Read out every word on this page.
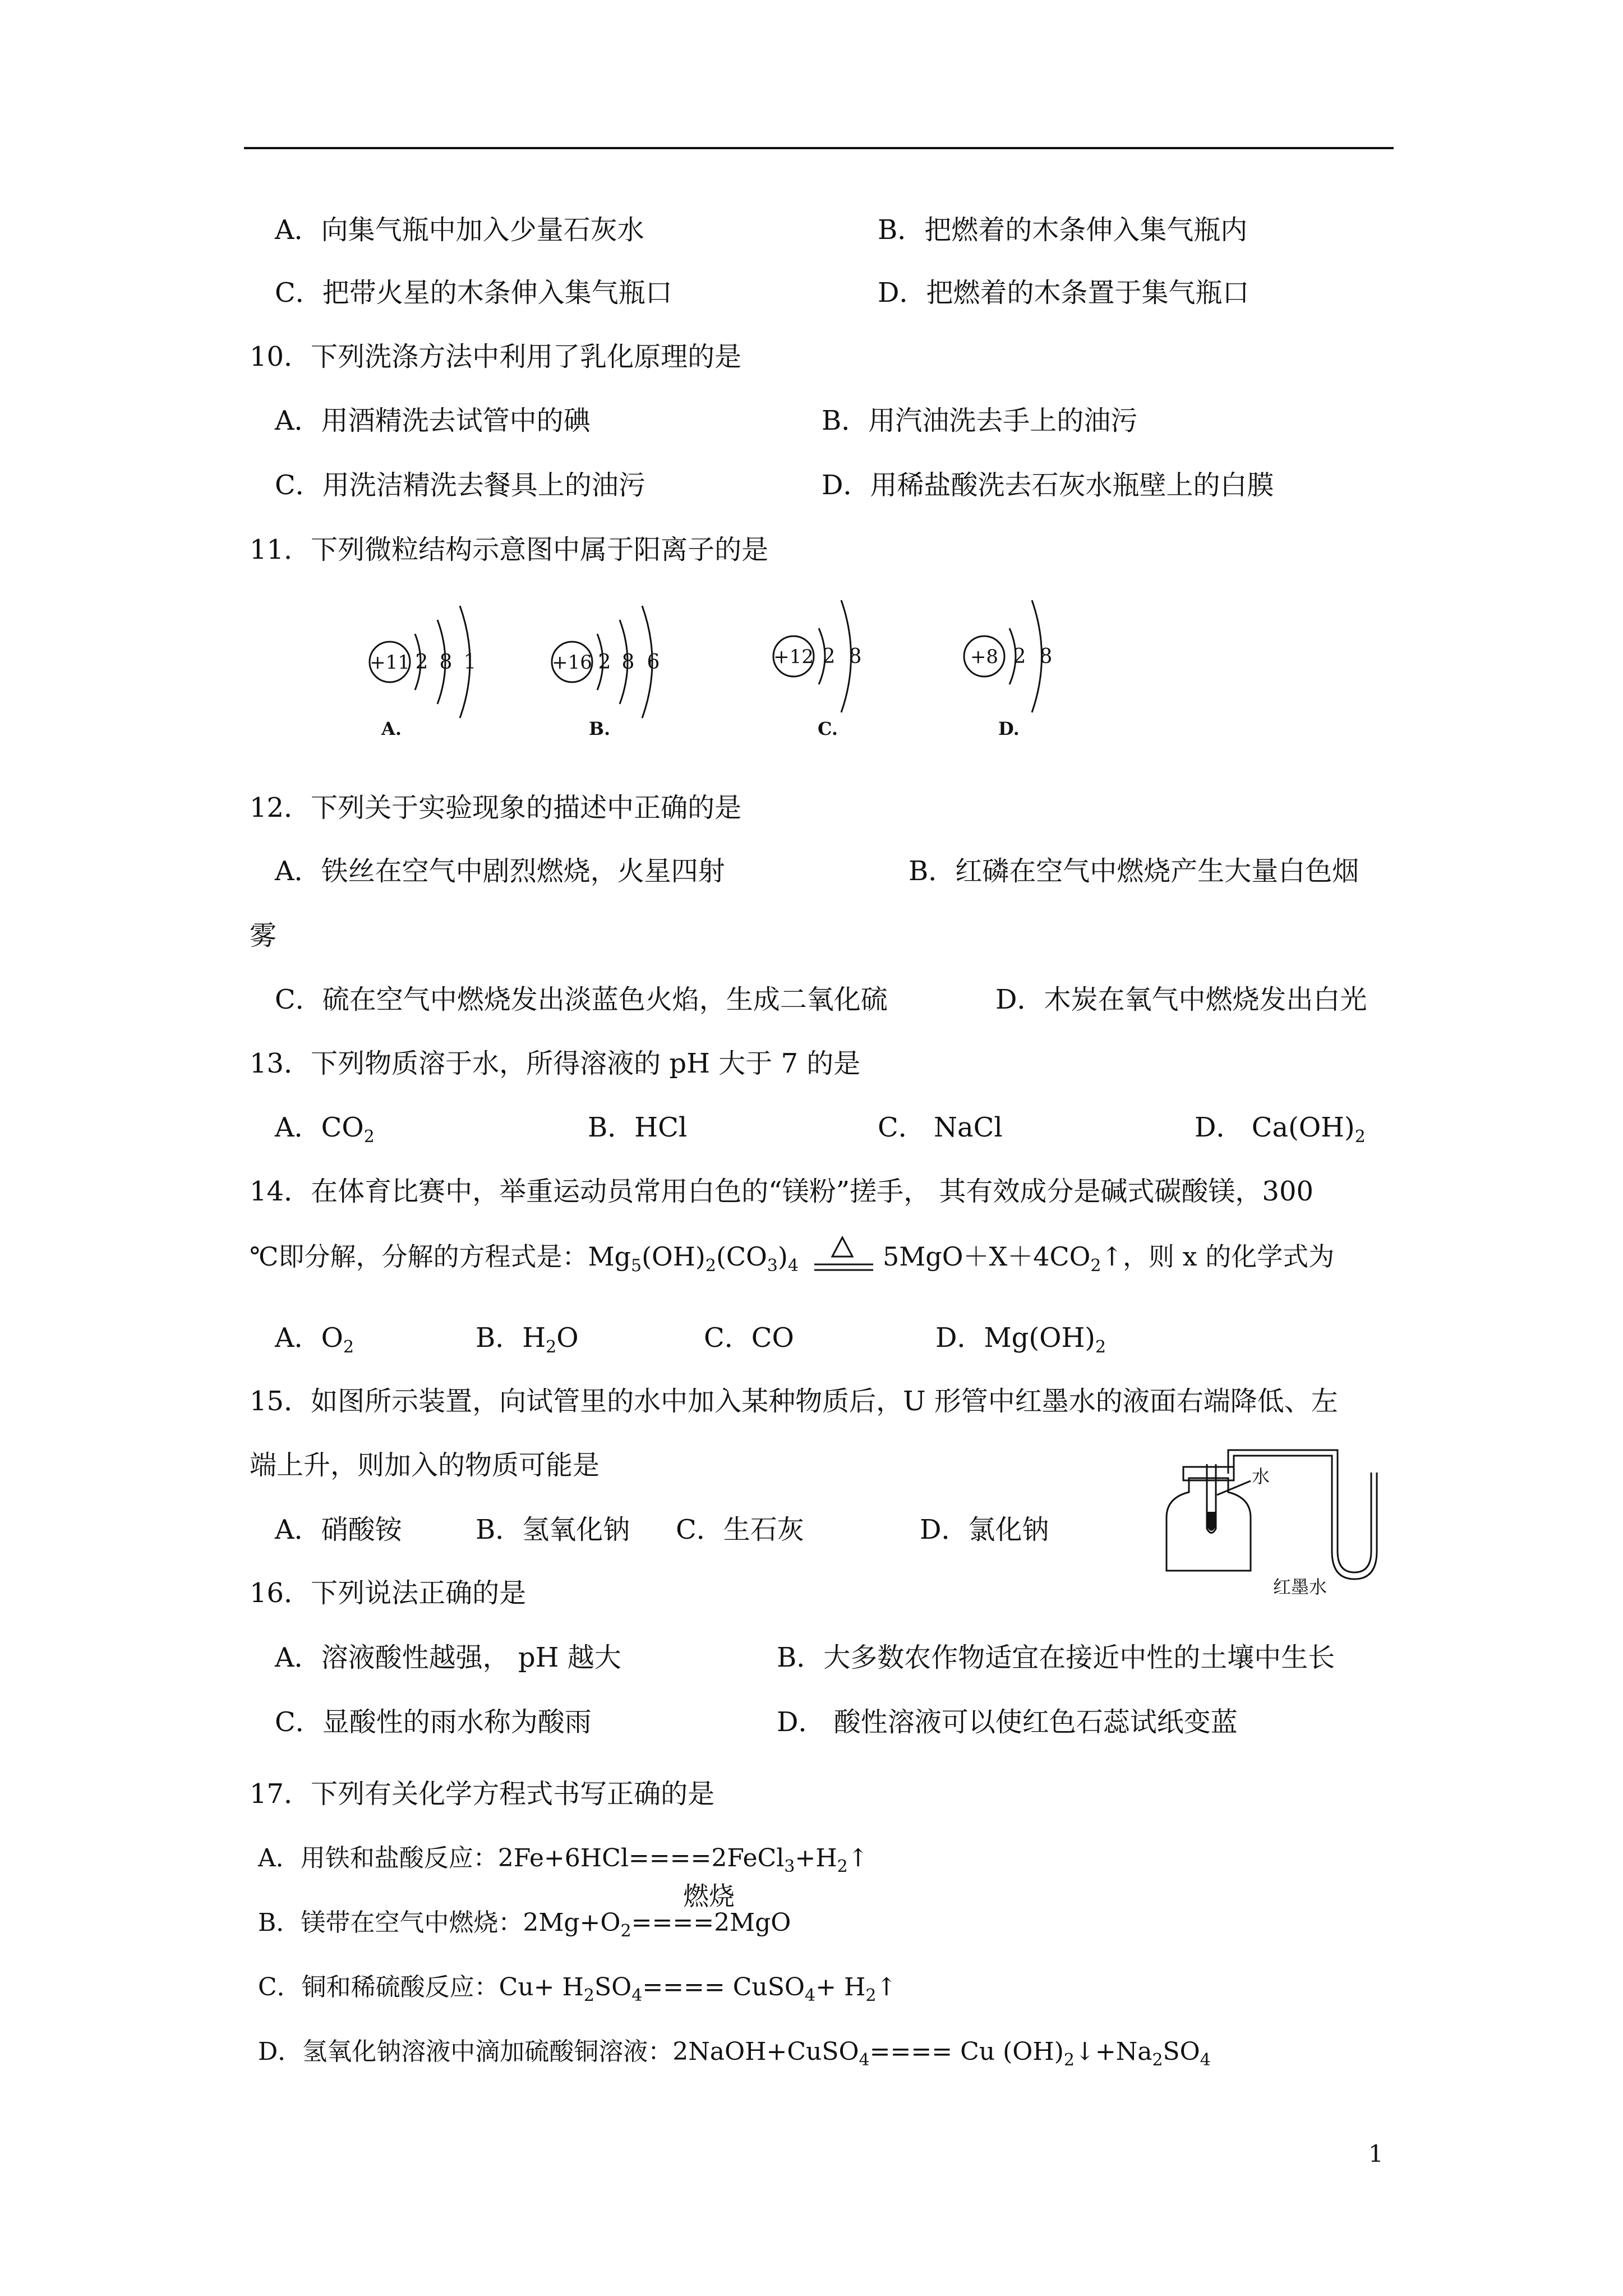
A．向集气瓶中加入少量石灰水	B．把燃着的木条伸入集气瓶内
C．把带火星的木条伸入集气瓶口	D．把燃着的木条置于集气瓶口
10．下列洗涤方法中利用了乳化原理的是
A．用酒精洗去试管中的碘	B．用汽油洗去手上的油污
C．用洗洁精洗去餐具上的油污	D．用稀盐酸洗去石灰水瓶壁上的白膜
11．下列微粒结构示意图中属于阳离子的是
+11 2 8 1
A.
+16 2 8 6
B.
+12 2 8
C.
+8 2 8
D.
12．下列关于实验现象的描述中正确的是
A．铁丝在空气中剧烈燃烧，火星四射	B．红磷在空气中燃烧产生大量白色烟
雾
C．硫在空气中燃烧发出淡蓝色火焰，生成二氧化硫	D．木炭在氧气中燃烧发出白光
13．下列物质溶于水，所得溶液的 pH 大于 7 的是
A．$CO_2$	B．HCl	C． NaCl	D． $Ca(OH)_2$
14．在体育比赛中，举重运动员常用白色的“镁粉”搓手， 其有效成分是碱式碳酸镁，300
℃即分解，分解的方程式是：$Mg_5(OH)_2(CO_3)_4$	$5MgO+X+4CO_2↑$，则 x 的化学式为
A．$O_2$	B．$H_2O$	C．CO	D．$Mg(OH)_2$
15．如图所示装置，向试管里的水中加入某种物质后，U 形管中红墨水的液面右端降低、左
端上升，则加入的物质可能是
A．硝酸铵	B．氢氧化钠 C．生石灰	D．氯化钠
水
红墨水
16．下列说法正确的是
A．溶液酸性越强， pH 越大	B．大多数农作物适宜在接近中性的土壤中生长
C．显酸性的雨水称为酸雨	D． 酸性溶液可以使红色石蕊试纸变蓝
17．下列有关化学方程式书写正确的是
A．用铁和盐酸反应：$2Fe+6HCl====2FeCl_3+H_2↑$
燃烧
B．镁带在空气中燃烧：$2Mg+O_2====2MgO$
C．铜和稀硫酸反应：$Cu+ H_2SO_4====$ CuSO$_4$+ $H_2↑$
D．氢氧化钠溶液中滴加硫酸铜溶液：2NaOH+CuSO$_4$==== Cu $(OH)_2↓+Na_2SO_4$
1
